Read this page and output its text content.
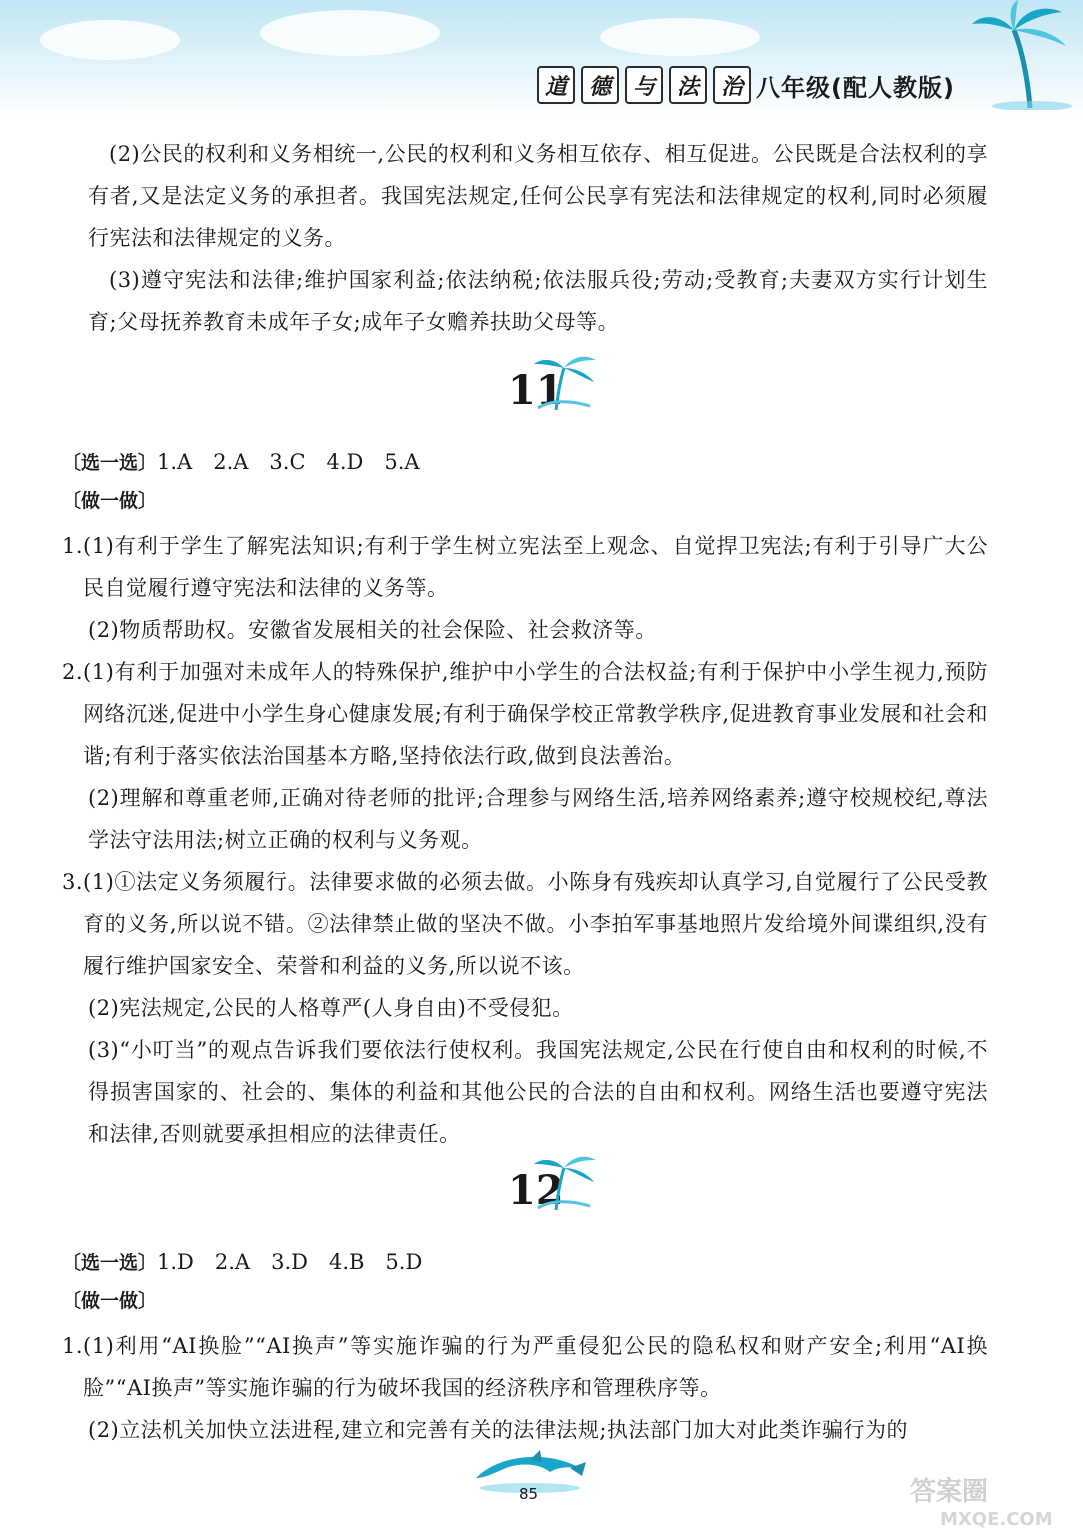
道 德 与 法 治 八年级(配人教版)

(2)公民的权利和义务相统一,公民的权利和义务相互依存、相互促进。公民既是合法权利的享有者,又是法定义务的承担者。我国宪法规定,任何公民享有宪法和法律规定的权利,同时必须履行宪法和法律规定的义务。

(3)遵守宪法和法律;维护国家利益;依法纳税;依法服兵役;劳动;受教育;夫妻双方实行计划生育;父母抚养教育未成年子女;成年子女赡养扶助父母等。

11
〔选一选〕1.A　2.A　3.C　4.D　5.A
〔做一做〕

1.(1)有利于学生了解宪法知识;有利于学生树立宪法至上观念、自觉捍卫宪法;有利于引导广大公民自觉履行遵守宪法和法律的义务等。

(2)物质帮助权。安徽省发展相关的社会保险、社会救济等。

2.(1)有利于加强对未成年人的特殊保护,维护中小学生的合法权益;有利于保护中小学生视力,预防网络沉迷,促进中小学生身心健康发展;有利于确保学校正常教学秩序,促进教育事业发展和社会和谐;有利于落实依法治国基本方略,坚持依法行政,做到良法善治。

(2)理解和尊重老师,正确对待老师的批评;合理参与网络生活,培养网络素养;遵守校规校纪,尊法学法守法用法;树立正确的权利与义务观。

3.(1)①法定义务须履行。法律要求做的必须去做。小陈身有残疾却认真学习,自觉履行了公民受教育的义务,所以说不错。②法律禁止做的坚决不做。小李拍军事基地照片发给境外间谍组织,没有履行维护国家安全、荣誉和利益的义务,所以说不该。

(2)宪法规定,公民的人格尊严(人身自由)不受侵犯。

(3)“小叮当”的观点告诉我们要依法行使权利。我国宪法规定,公民在行使自由和权利的时候,不得损害国家的、社会的、集体的利益和其他公民的合法的自由和权利。网络生活也要遵守宪法和法律,否则就要承担相应的法律责任。

12
〔选一选〕1.D　2.A　3.D　4.B　5.D
〔做一做〕

1.(1)利用“AI换脸”“AI换声”等实施诈骗的行为严重侵犯公民的隐私权和财产安全;利用“AI换脸”“AI换声”等实施诈骗的行为破坏我国的经济秩序和管理秩序等。

(2)立法机关加快立法进程,建立和完善有关的法律法规;执法部门加大对此类诈骗行为的

85	答案圈
MXQE.COM
